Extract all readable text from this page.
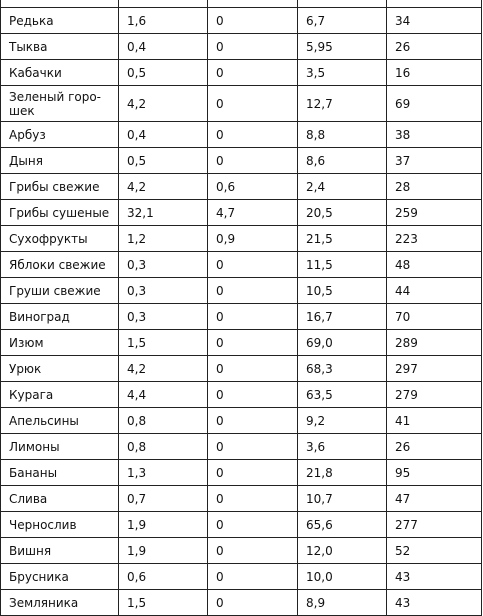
Редька	1,6	0	6,7	34
Тыква	0,4	0	5,95	26
Кабачки	0,5	0	3,5	16
Зеленый горо- шек	4,2	0	12,7	69
Арбуз	0,4	0	8,8	38
Дыня	0,5	0	8,6	37
Грибы свежие	4,2	0,6	2,4	28
Грибы сушеные	32,1	4,7	20,5	259
Сухофрукты	1,2	0,9	21,5	223
Яблоки свежие	0,3	0	11,5	48
Груши свежие	0,3	0	10,5	44
Виноград	0,3	0	16,7	70
Изюм	1,5	0	69,0	289
Урюк	4,2	0	68,3	297
Курага	4,4	0	63,5	279
Апельсины	0,8	0	9,2	41
Лимоны	0,8	0	3,6	26
Бананы	1,3	0	21,8	95
Слива	0,7	0	10,7	47
Чернослив	1,9	0	65,6	277
Вишня	1,9	0	12,0	52
Брусника	0,6	0	10,0	43
Земляника	1,5	0	8,9	43
